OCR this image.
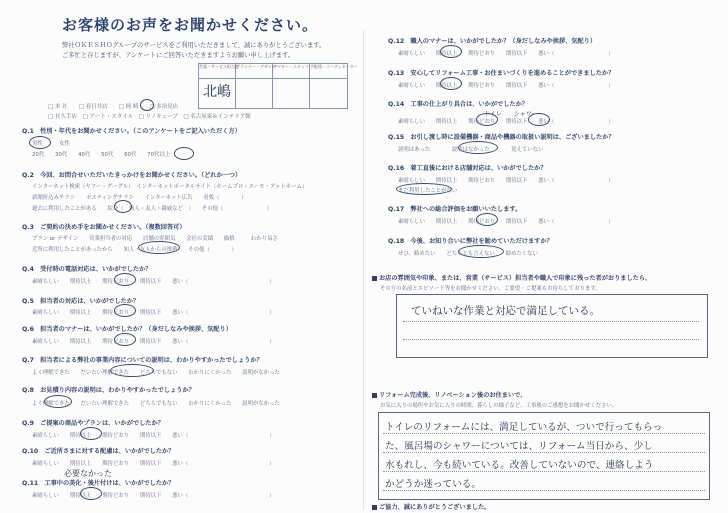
お客様のお声をお聞かせください。
弊社ＯＫＥＳＨＯグループのサービスをご利用いただきまして、誠にありがとうございます。
ご多忙と存じますが、アンケートにご回答いただきますようお願い申し上げます。
営業・サービス担当者
プランナー・デザイナー
アフター・スタッフ 手配係・コーディネーター
北嶋
□ 本 社　　□ 春日井店　　□ 岡 崎　　□ 多治見店
□ 長久手店　□ アート・スタイル　□ リノキューブ　□ 名古屋東＆インテリア館
Q.1　性別・年代をお聞かせください。（このアンケートをご記入いただく方）
男性　　　女性
20代　　30代　　40代　　50代　　60代　　70代以上
Q.2　今回、お問合せいただいたきっかけをお聞かせください。（どれか一つ）
インターネット検索（ヤフー・グーグル）　インターネットポータルサイト（ホームプロ・スーモ・アットホーム）
新聞折込みチラシ　　ポスティングチラシ　　インターネット広告　　看板（　　　　）
過去に利用したことがある　　紹介（　知人・友人・親戚など　）　　その他（　　　　　　　　）
Q.3　ご契約の決め手をお聞かせください。（複数回答可）
プラン or デザイン　　営業担当者の対応　　店舗の雰囲気　　会社の実績　　価格　　　わかり易さ
近所に利用したことがあったから　　知人・友人からの推薦　　その他（　　　　）
Q.4　受付時の電話対応は、いかがでしたか？
素晴らしい　　期待以上　　期待どおり　　期待以下　　悪い（　　　　　　　　　　　　　　　）
Q.5　担当者の対応は、いかがでしたか？
素晴らしい　　期待以上　　期待どおり　　期待以下　　悪い（　　　　　　　　　　　　　　　）
Q.6　担当者のマナーは、いかがでしたか？（身だしなみや挨拶、気配り）
素晴らしい　　期待以上　　期待どおり　　期待以下　　悪い（　　　　　　　　　　　　　　　）
Q.7　担当者による弊社の事業内容についての説明は、わかりやすかったでしょうか？
よく理解できた　　だいたい理解できた　　どちらでもない　　わかりにくかった　　説明がなかった
Q.8　お見積り内容の説明は、わかりやすかったでしょうか？
よく理解できた　　だいたい理解できた　　どちらでもない　　わかりにくかった　　説明がなかった
Q.9　ご提案の商品やプランは、いかがでしたか？
素晴らしい　　期待以上　　期待どおり　　期待以下　　悪い（　　　　　　　　　　　　　　　）
Q.10　ご近所さまに対する配慮は、いかがでしたか？
素晴らしい　　期待以上　　期待どおり　　期待以下　　悪い（　　　　　　　　　　　　　　　）
必要なかった
Q.11　工事中の美化・後片付けは、いかがでしたか？
素晴らしい　　期待以上　　期待どおり　　期待以下　　悪い（　　　　　　　　　　　　　　　）
Q.12　職人のマナーは、いかがでしたか？（身だしなみや挨拶、気配り）
素晴らしい　　期待以上　　期待どおり　　期待以下　　悪い（　　　　　　　　　　）
Q.13　安心してリフォーム工事・お住まいづくりを進めることができましたか？
素晴らしい　　期待以上　　期待どおり　　期待以下　　悪い（　　　　　　　　　　）
Q.14　工事の仕上がり具合は、いかがでしたか？
トイレ　　シャワー
素晴らしい　　期待以上　　期待どおり　　期待以下　　悪い（　　　　　　　　　　）
Q.15　お引し渡し時に設備機器・商品や機器の取扱い説明は、ございましたか？
説明はあった　　　　説明はなかった　　　　覚えていない
Q.16　着工直後における店舗対応は、いかがでしたか？
素晴らしい　　期待以上　　期待どおり　　期待以下　　悪い（　　　　　　　　　　）
まだ利用したことがない
Q.17　弊社への総合評価をお願いいたします。
素晴らしい　　期待以上　　期待どおり　　期待以下　　悪い（　　　　　　　　　　）
Q.18　今後、お知り合いに弊社を勧めていただけますか？
ぜひ、勧めたい　　どちらとも言えない　　勧めたくない
お店の雰囲気や印象、または、営業（サービス）担当者や職人で印象に残った者がおりましたら、
その方の名前とエピソード等をお聞かせください。ご要望・ご提案もお待ちしております。
ていねいな作業と対応で満足している。
リフォーム完成後、リノベーション後のお住まいで、
お気に入りの場所やお気に入りの時間、暮らしの様子など、工事後のご感想をお聞かせください。
トイレのリフォームには、満足しているが、ついで行ってもらっ
た、風呂場のシャワーについては、リフォーム当日から、少し
水もれし、今も続いている。改善していないので、連絡しよう
かどうか迷っている。
ご協力、誠にありがとうございました。
